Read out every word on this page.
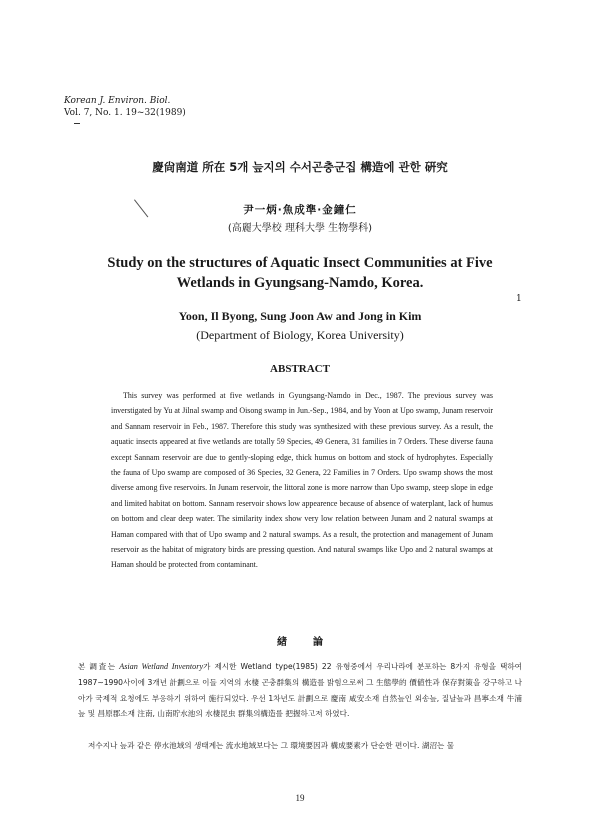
Korean J. Environ. Biol.
Vol. 7, No. 1. 19~32(1989)
慶尙南道 所在 5개 늪지의 수서곤충군집 構造에 관한 硏究
尹一炳·魚成準·金鐘仁
(高麗大學校 理科大學 生物學科)
Study on the structures of Aquatic Insect Communities at Five
Wetlands in Gyungsang-Namdo, Korea.
1
Yoon, Il Byong, Sung Joon Aw and Jong in Kim
(Department of Biology, Korea University)
ABSTRACT

This survey was performed at five wetlands in Gyungsang-Namdo in Dec., 1987. The previous survey was inverstigated by Yu at Jilnal swamp and Oisong swamp in Jun.-Sep., 1984, and by Yoon at Upo swamp, Junam reservoir and Sannam reservoir in Feb., 1987. Therefore this study was synthesized with these previous survey. As a result, the aquatic insects appeared at five wetlands are totally 59 Species, 49 Genera, 31 families in 7 Orders. These diverse fauna except Sannam reservoir are due to gently-sloping edge, thick humus on bottom and stock of hydrophytes. Especially the fauna of Upo swamp are composed of 36 Species, 32 Genera, 22 Families in 7 Orders. Upo swamp shows the most diverse among five reservoirs. In Junam reservoir, the littoral zone is more narrow than Upo swamp, steep slope in edge and limited habitat on bottom. Sannam reservoir shows low appearence because of absence of waterplant, lack of humus on bottom and clear deep water. The similarity index show very low relation between Junam and 2 natural swamps at Haman compared with that of Upo swamp and 2 natural swamps. As a result, the protection and management of Junam reservoir as the habitat of migratory birds are pressing question. And natural swamps like Upo and 2 natural swamps at Haman should be protected from contaminant.

緖論

본 調査는 Asian Wetland Inventory가 제시한 Wetland type(1985) 22 유형중에서 우리나라에 분포하는 8가지 유형을 택하여 1987~1990사이에 3개년 計劃으로 이들 지역의 水棲 곤충群集의 構造를 밝힘으로써 그 生態學的 價値性과 保存對策을 강구하고 나아가 국제적 요청에도 부응하기 위하여 施行되었다. 우선 1차년도 計劃으로 慶南 咸安소재 自然늪인 외송늪, 질날늪과 昌寧소재 牛浦늪 및 昌原郡소재 注南, 山南貯水池의 水棲昆虫 群集의構造를 把握하고저 하였다.

저수지나 늪과 같은 停水池域의 생태계는 流水地域보다는 그 環境要因과 構成要素가 단순한 편이다. 湖沼는 물

19
